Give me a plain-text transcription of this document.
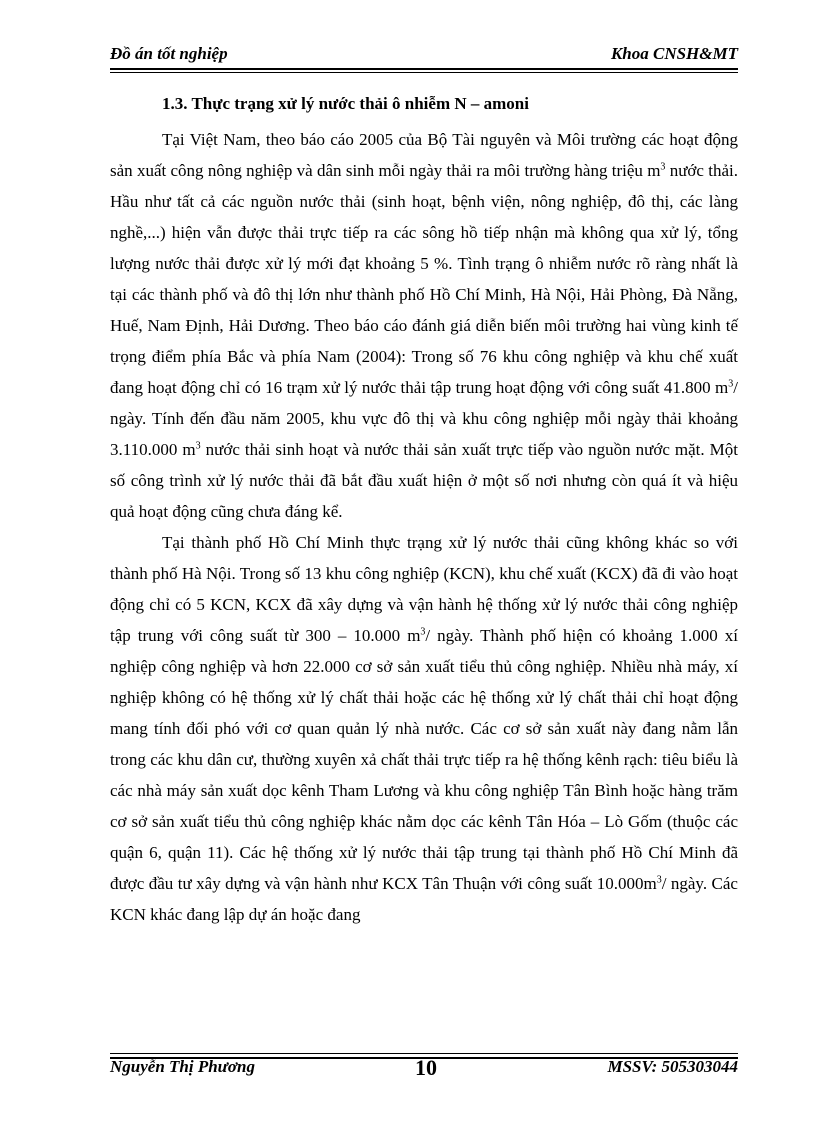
Đồ án tốt nghiệp	Khoa CNSH&MT
1.3. Thực trạng xử lý nước thải ô nhiễm N – amoni
Tại Việt Nam, theo báo cáo 2005 của Bộ Tài nguyên và Môi trường các hoạt động sản xuất công nông nghiệp và dân sinh mỗi ngày thải ra môi trường hàng triệu $m^3$ nước thải. Hầu như tất cả các nguồn nước thải (sinh hoạt, bệnh viện, nông nghiệp, đô thị, các làng nghề,...) hiện vẫn được thải trực tiếp ra các sông hồ tiếp nhận mà không qua xử lý, tổng lượng nước thải được xử lý mới đạt khoảng 5 %. Tình trạng ô nhiễm nước rõ ràng nhất là tại các thành phố và đô thị lớn như thành phố Hồ Chí Minh, Hà Nội, Hải Phòng, Đà Nẵng, Huế, Nam Định, Hải Dương. Theo báo cáo đánh giá diễn biến môi trường hai vùng kinh tế trọng điểm phía Bắc và phía Nam (2004): Trong số 76 khu công nghiệp và khu chế xuất đang hoạt động chỉ có 16 trạm xử lý nước thải tập trung hoạt động với công suất 41.800 $m^3/$ ngày. Tính đến đầu năm 2005, khu vực đô thị và khu công nghiệp mỗi ngày thải khoảng 3.110.000 $m^3$ nước thải sinh hoạt và nước thải sản xuất trực tiếp vào nguồn nước mặt. Một số công trình xử lý nước thải đã bắt đầu xuất hiện ở một số nơi nhưng còn quá ít và hiệu quả hoạt động cũng chưa đáng kể.
Tại thành phố Hồ Chí Minh thực trạng xử lý nước thải cũng không khác so với thành phố Hà Nội. Trong số 13 khu công nghiệp (KCN), khu chế xuất (KCX) đã đi vào hoạt động chỉ có 5 KCN, KCX đã xây dựng và vận hành hệ thống xử lý nước thải công nghiệp tập trung với công suất từ 300 – 10.000 $m^3/$ ngày. Thành phố hiện có khoảng 1.000 xí nghiệp công nghiệp và hơn 22.000 cơ sở sản xuất tiểu thủ công nghiệp. Nhiều nhà máy, xí nghiệp không có hệ thống xử lý chất thải hoặc các hệ thống xử lý chất thải chỉ hoạt động mang tính đối phó với cơ quan quản lý nhà nước. Các cơ sở sản xuất này đang nằm lẫn trong các khu dân cư, thường xuyên xả chất thải trực tiếp ra hệ thống kênh rạch: tiêu biểu là các nhà máy sản xuất dọc kênh Tham Lương và khu công nghiệp Tân Bình hoặc hàng trăm cơ sở sản xuất tiểu thủ công nghiệp khác nằm dọc các kênh Tân Hóa – Lò Gốm (thuộc các quận 6, quận 11). Các hệ thống xử lý nước thải tập trung tại thành phố Hồ Chí Minh đã được đầu tư xây dựng và vận hành như KCX Tân Thuận với công suất $10.000m^3/$ ngày. Các KCN khác đang lập dự án hoặc đang
Nguyễn Thị Phương	10	MSSV: 505303044
